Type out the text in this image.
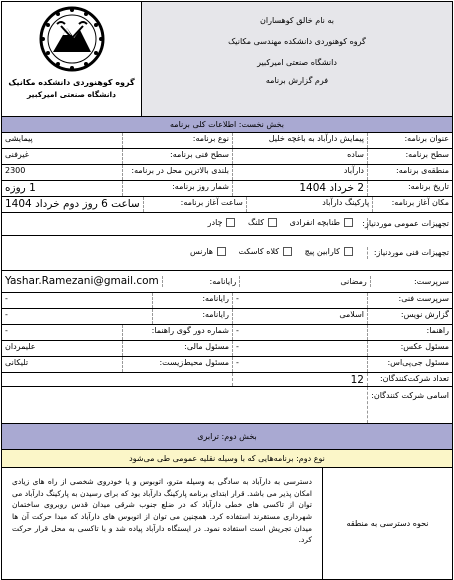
به نام خالق کوهساران
گروه کوهنوردی دانشکده مهندسی مکانیک
دانشگاه صنعتی امیرکبیر
فرم گزارش برنامه
گروه کوهنوردی دانشکده مکانیک
دانشگاه صنعتی امیرکبیر
بخش نخست: اطلاعات کلی برنامه
عنوان برنامه:
پیمایش دارآباد به باغچه خلیل
نوع برنامه:
پیمایشی
سطح برنامه:
ساده
سطح فنی برنامه:
غیرفنی
منطقه‌ی برنامه:
دارآباد
بلندی بالاترین محل در برنامه:
2300
تاریخ برنامه:
2 خرداد 1404
شمار روز برنامه:
1 روزه
مکان آغاز برنامه:
پارکینگ دارآباد
ساعت آغاز برنامه:
ساعت 6 روز دوم خرداد 1404
تجهیزات عمومی موردنیاز:
طنابچه انفرادی

کلنگ

چادر
تجهیزات فنی موردنیاز:
کارابین پیچ

کلاه کاسکت

هارنس
سرپرست:
رمضانی
رایانامه:
Yashar.Ramezani@gmail.com
سرپرست فنی:
-
رایانامه:
-
گزارش نویس:
اسلامی
رایانامه:
-
راهنما:
-
شماره دور گوی راهنما:
-
مسئول عکس:
-
مسئول مالی:
علیمردان
مسئول جی‌پی‌اس:
-
مسئول محیط‌زیست:
تلیکانی
تعداد شرکت‌کنندگان:
12
اسامی شرکت کنندگان:
بخش دوم: ترابری
نوع دوم: برنامه‌هایی که با وسیله نقلیه عمومی طی می‌شود
نحوه دسترسی به منطقه
دسترسی به دارآباد به سادگی به وسیله مترو، اتوبوس و یا خودروی شخصی از راه های زیادی امکان پذیر می باشد. قرار ابتدای برنامه پارکینگ دارآباد بود که برای رسیدن به پارکینگ دارآباد می توان از تاکسی های خطی دارآباد که در ضلع جنوب شرقی میدان قدس روبروی ساختمان شهرداری مستقرند استفاده کرد. همچنین می توان از اتوبوس های دارآباد که مبدا حرکت آن ها میدان تجریش است استفاده نمود. در ایستگاه دارآباد پیاده شد و با تاکسی به محل قرار حرکت کرد.
